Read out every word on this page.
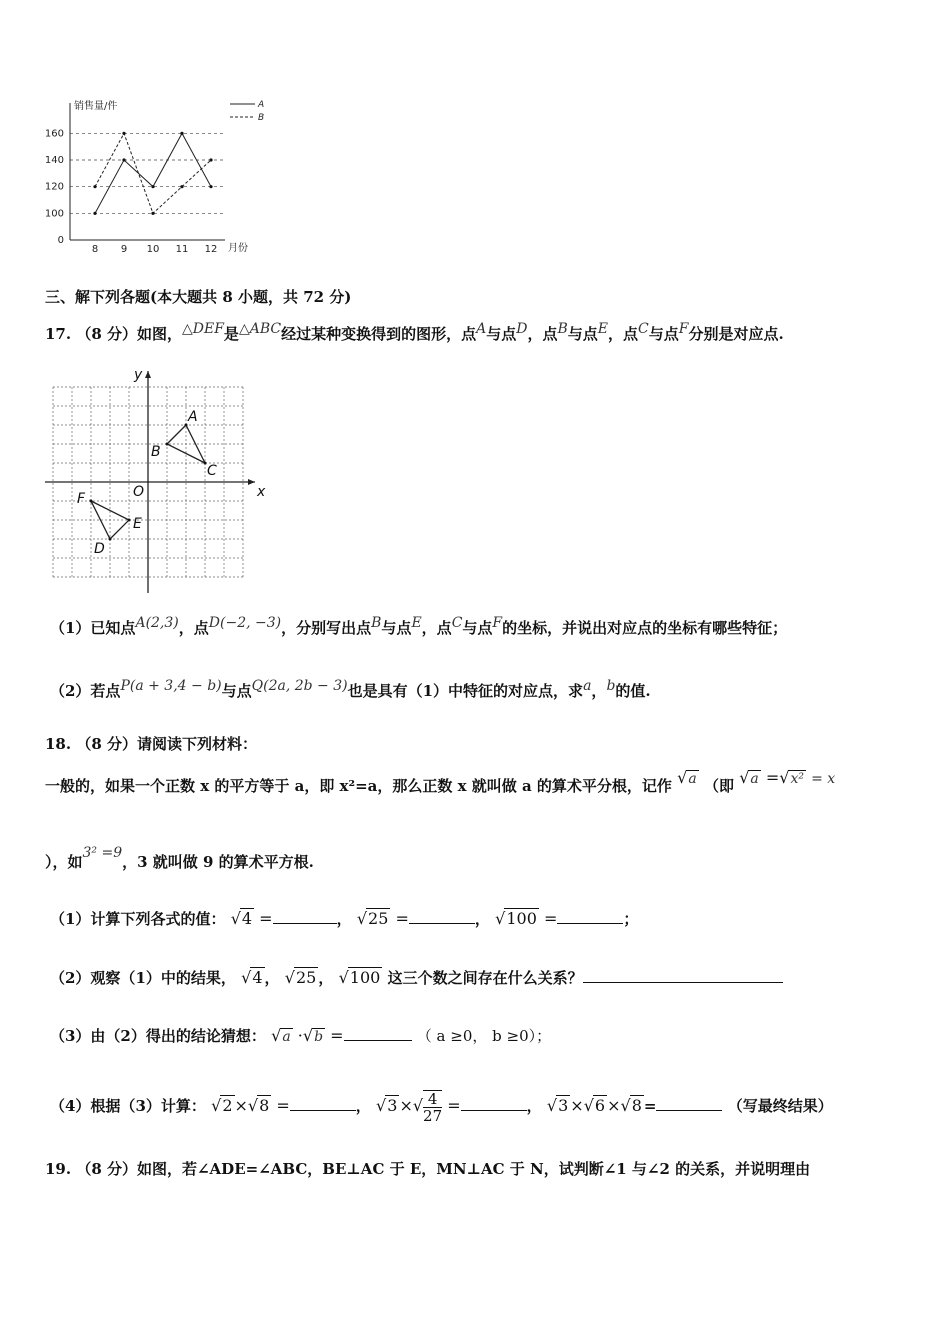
销售量/件
月份
A
B
0
100
120
140
160
8 9 10 11 12
三、解下列各题(本大题共 8 小题，共 72 分)
17. （8 分）如图，△DEF是△ABC经过某种变换得到的图形，点A与点D，点B与点E，点C与点F分别是对应点.
x
y
O
A
B
C
D
E
F
（1）已知点A(2,3)，点D(−2, −3)，分别写出点B与点E，点C与点F的坐标，并说出对应点的坐标有哪些特征；
（2）若点P(a + 3,4 − b)与点Q(2a, 2b − 3)也是具有（1）中特征的对应点，求a，b的值.
18. （8 分）请阅读下列材料：
一般的，如果一个正数 x 的平方等于 a，即 x²=a，那么正数 x 就叫做 a 的算术平分根，记作 √a （即 √a =√x² = x
），如3² =9，3 就叫做 9 的算术平方根.
（1）计算下列各式的值： √4 =	， √25 =	， √100 =	；
（2）观察（1）中的结果， √4 ， √25 ， √100 这三个数之间存在什么关系？
（3）由（2）得出的结论猜想： √a ·√b =	（ a ≥0， b ≥0）；
（4）根据（3）计算： √2 ×√8 =	， √3 ×√ $\frac{4}{27}$ =	， √3 ×√6 ×√8 =	（写最终结果）
19. （8 分）如图，若∠ADE=∠ABC，BE⊥AC 于 E，MN⊥AC 于 N，试判断∠1 与∠2 的关系，并说明理由
